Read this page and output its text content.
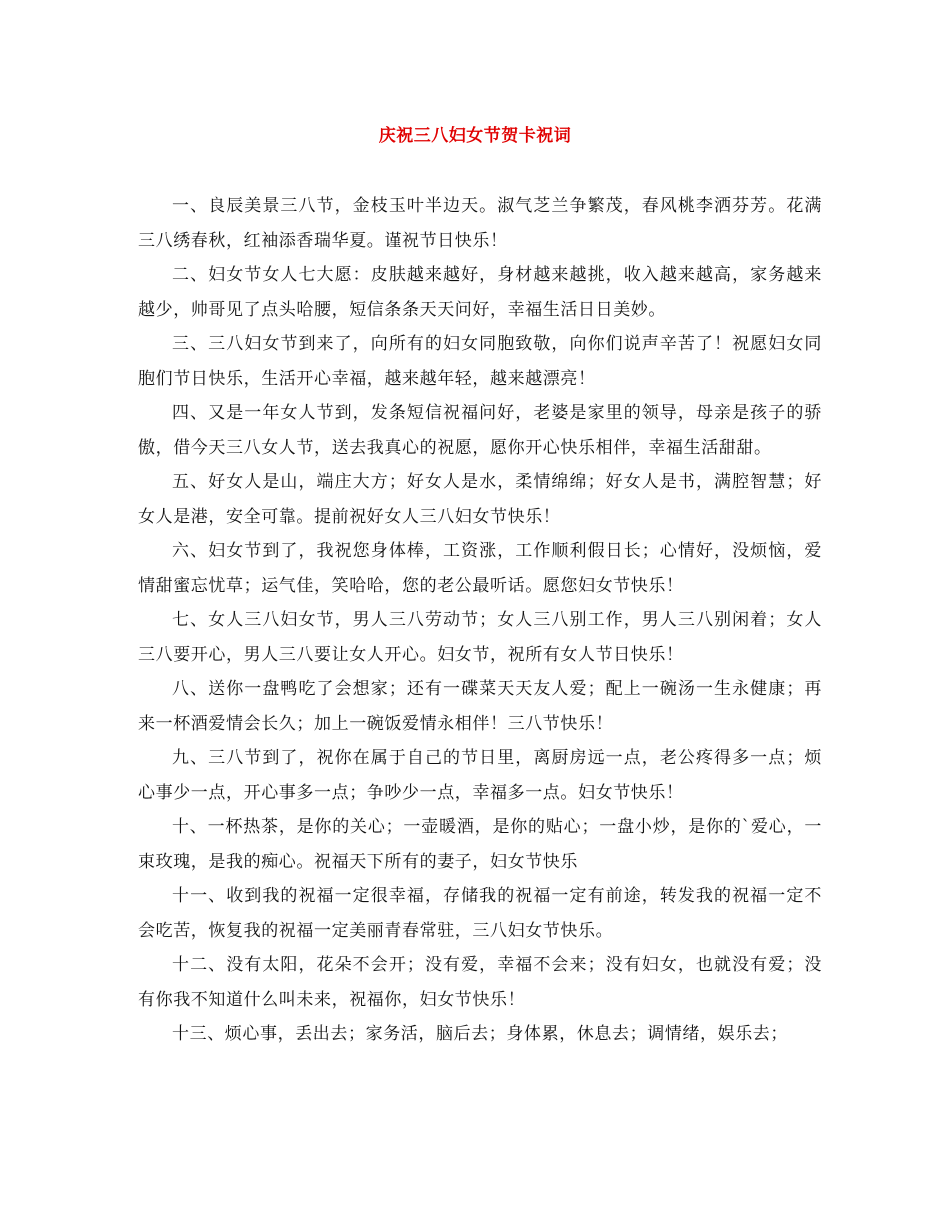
庆祝三八妇女节贺卡祝词

一、良辰美景三八节，金枝玉叶半边天。淑气芝兰争繁茂，春风桃李洒芬芳。花满三八绣春秋，红袖添香瑞华夏。谨祝节日快乐！

二、妇女节女人七大愿：皮肤越来越好，身材越来越挑，收入越来越高，家务越来越少，帅哥见了点头哈腰，短信条条天天问好，幸福生活日日美妙。

三、三八妇女节到来了，向所有的妇女同胞致敬，向你们说声辛苦了！祝愿妇女同胞们节日快乐，生活开心幸福，越来越年轻，越来越漂亮！

四、又是一年女人节到，发条短信祝福问好，老婆是家里的领导，母亲是孩子的骄傲，借今天三八女人节，送去我真心的祝愿，愿你开心快乐相伴，幸福生活甜甜。

五、好女人是山，端庄大方；好女人是水，柔情绵绵；好女人是书，满腔智慧；好女人是港，安全可靠。提前祝好女人三八妇女节快乐！

六、妇女节到了，我祝您身体棒，工资涨，工作顺利假日长；心情好，没烦恼，爱情甜蜜忘忧草；运气佳，笑哈哈，您的老公最听话。愿您妇女节快乐！

七、女人三八妇女节，男人三八劳动节；女人三八别工作，男人三八别闲着；女人三八要开心，男人三八要让女人开心。妇女节，祝所有女人节日快乐！

八、送你一盘鸭吃了会想家；还有一碟菜天天友人爱；配上一碗汤一生永健康；再来一杯酒爱情会长久；加上一碗饭爱情永相伴！三八节快乐！

九、三八节到了，祝你在属于自己的节日里，离厨房远一点，老公疼得多一点；烦心事少一点，开心事多一点；争吵少一点，幸福多一点。妇女节快乐！

十、一杯热茶，是你的关心；一壶暖酒，是你的贴心；一盘小炒，是你的`爱心，一束玫瑰，是我的痴心。祝福天下所有的妻子，妇女节快乐

十一、收到我的祝福一定很幸福，存储我的祝福一定有前途，转发我的祝福一定不会吃苦，恢复我的祝福一定美丽青春常驻，三八妇女节快乐。

十二、没有太阳，花朵不会开；没有爱，幸福不会来；没有妇女，也就没有爱；没有你我不知道什么叫未来，祝福你，妇女节快乐！

十三、烦心事，丢出去；家务活，脑后去；身体累，休息去；调情绪，娱乐去；
